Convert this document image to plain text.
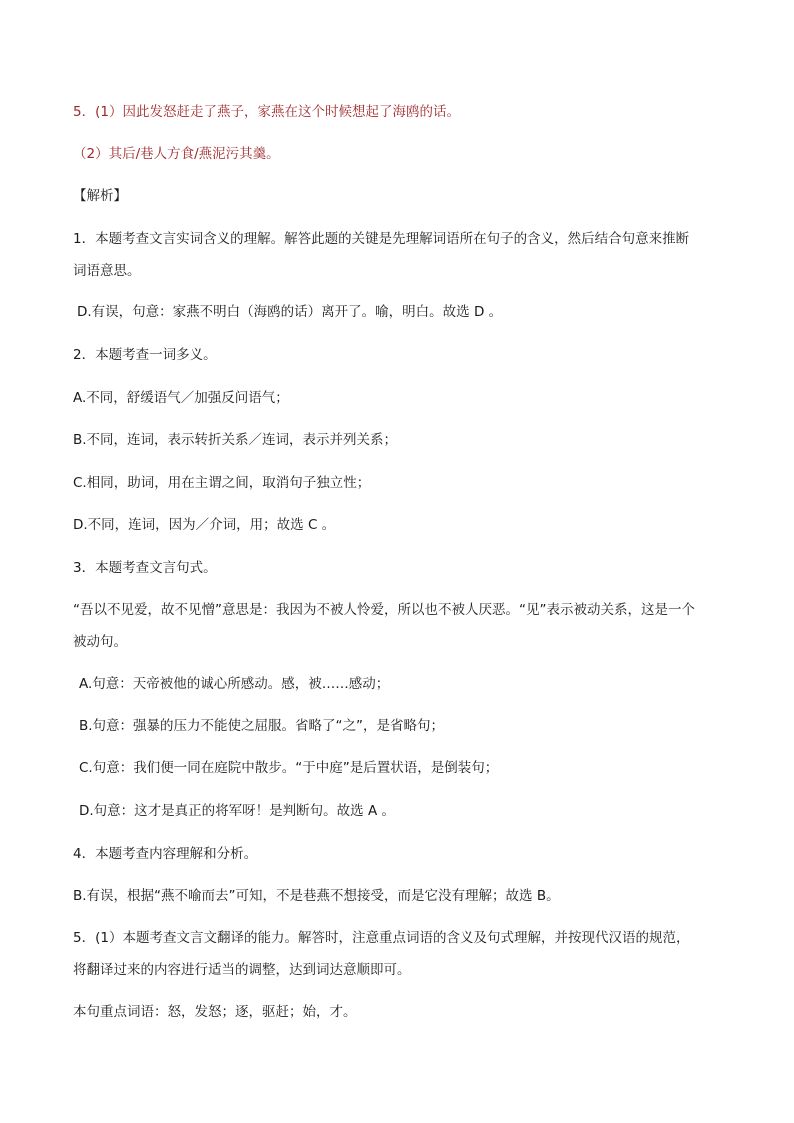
5．(1）因此发怒赶走了燕子，家燕在这个时候想起了海鸥的话。
（2）其后/巷人方食/燕泥污其羹。
【解析】
1．本题考查文言实词含义的理解。解答此题的关键是先理解词语所在句子的含义，然后结合句意来推断
词语意思。
D.有误，句意：家燕不明白（海鸥的话）离开了。喻，明白。故选 D 。
2．本题考查一词多义。
A.不同，舒缓语气／加强反问语气；
B.不同，连词，表示转折关系／连词，表示并列关系；
C.相同，助词，用在主谓之间，取消句子独立性；
D.不同，连词，因为／介词，用；故选 C 。
3．本题考查文言句式。
“吾以不见爱，故不见憎”意思是：我因为不被人怜爱，所以也不被人厌恶。“见”表示被动关系，这是一个
被动句。
A.句意：天帝被他的诚心所感动。感，被……感动；
B.句意：强暴的压力不能使之屈服。省略了“之”，是省略句；
C.句意：我们便一同在庭院中散步。“于中庭”是后置状语，是倒装句；
D.句意：这才是真正的将军呀！是判断句。故选 A 。
4．本题考查内容理解和分析。
B.有误，根据“燕不喻而去”可知，不是巷燕不想接受，而是它没有理解；故选 B。
5．(1）本题考查文言文翻译的能力。解答时，注意重点词语的含义及句式理解，并按现代汉语的规范，
将翻译过来的内容进行适当的调整，达到词达意顺即可。
本句重点词语：怒，发怒；逐，驱赶；始，才。
